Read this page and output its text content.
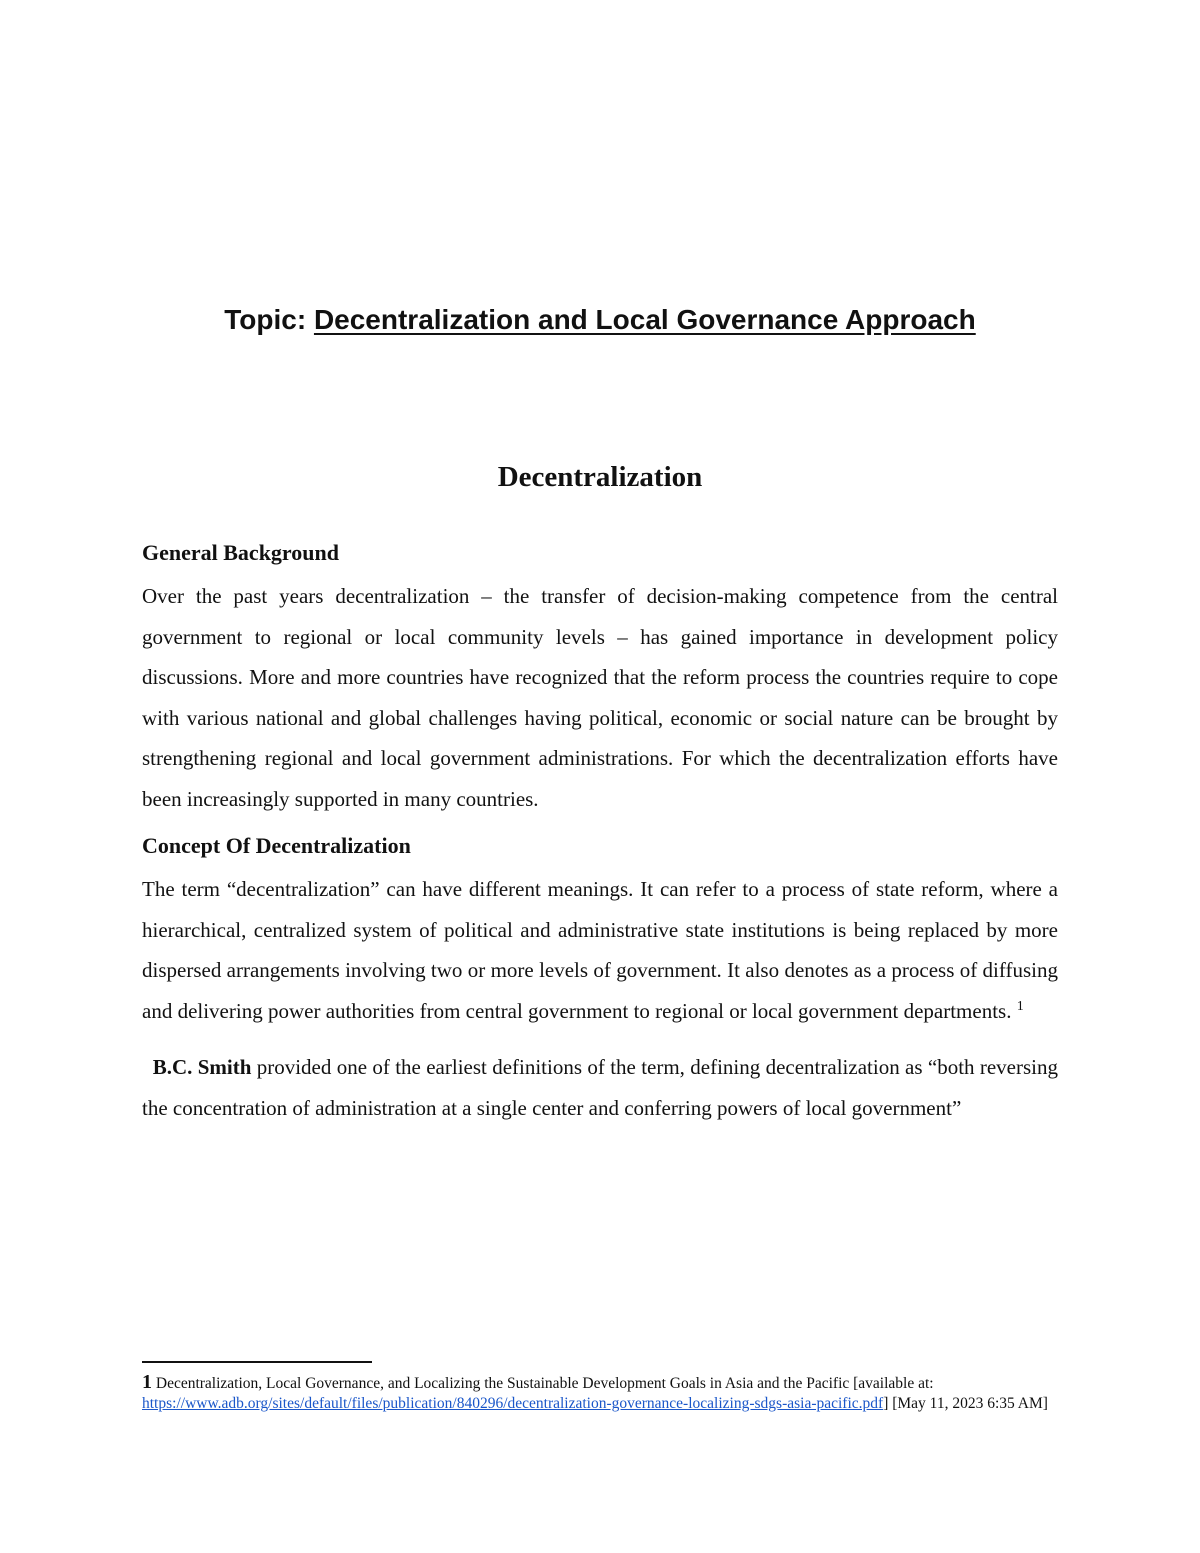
Topic: Decentralization and Local Governance Approach
Decentralization

General Background

Over the past years decentralization – the transfer of decision-making competence from the central government to regional or local community levels – has gained importance in development policy discussions. More and more countries have recognized that the reform process the countries require to cope with various national and global challenges having political, economic or social nature can be brought by strengthening regional and local government administrations. For which the decentralization efforts have been increasingly supported in many countries.

Concept Of Decentralization

The term “decentralization” can have different meanings. It can refer to a process of state reform, where a hierarchical, centralized system of political and administrative state institutions is being replaced by more dispersed arrangements involving two or more levels of government. It also denotes as a process of diffusing and delivering power authorities from central government to regional or local government departments. $^1$

B.C. Smith provided one of the earliest definitions of the term, defining decentralization as “both reversing the concentration of administration at a single center and conferring powers of local government”

1 Decentralization, Local Governance, and Localizing the Sustainable Development Goals in Asia and the Pacific [available at: https://www.adb.org/sites/default/files/publication/840296/decentralization-governance-localizing-sdgs-asia-pacific.pdf] [May 11, 2023 6:35 AM]
